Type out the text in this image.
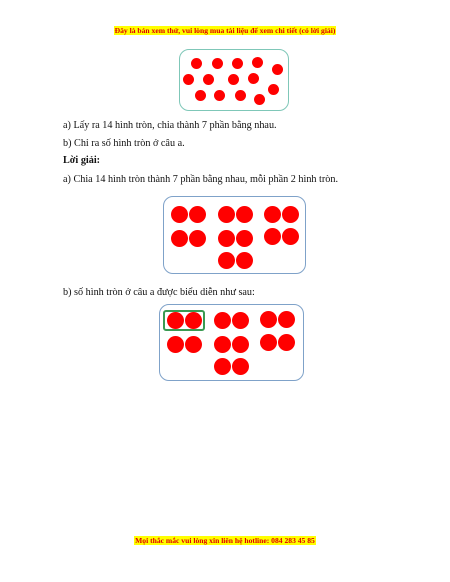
Đây là bản xem thử, vui lòng mua tài liệu để xem chi tiết (có lời giải)
a) Lấy ra 14 hình tròn, chia thành 7 phần bằng nhau.
b) Chỉ ra số hình tròn ở câu a.
Lời giải:
a) Chia 14 hình tròn thành 7 phần bằng nhau, mỗi phần 2 hình tròn.
b) số hình tròn ở câu a được biểu diễn như sau:
Mọi thắc mắc vui lòng xin liên hệ hotline: 084 283 45 85
